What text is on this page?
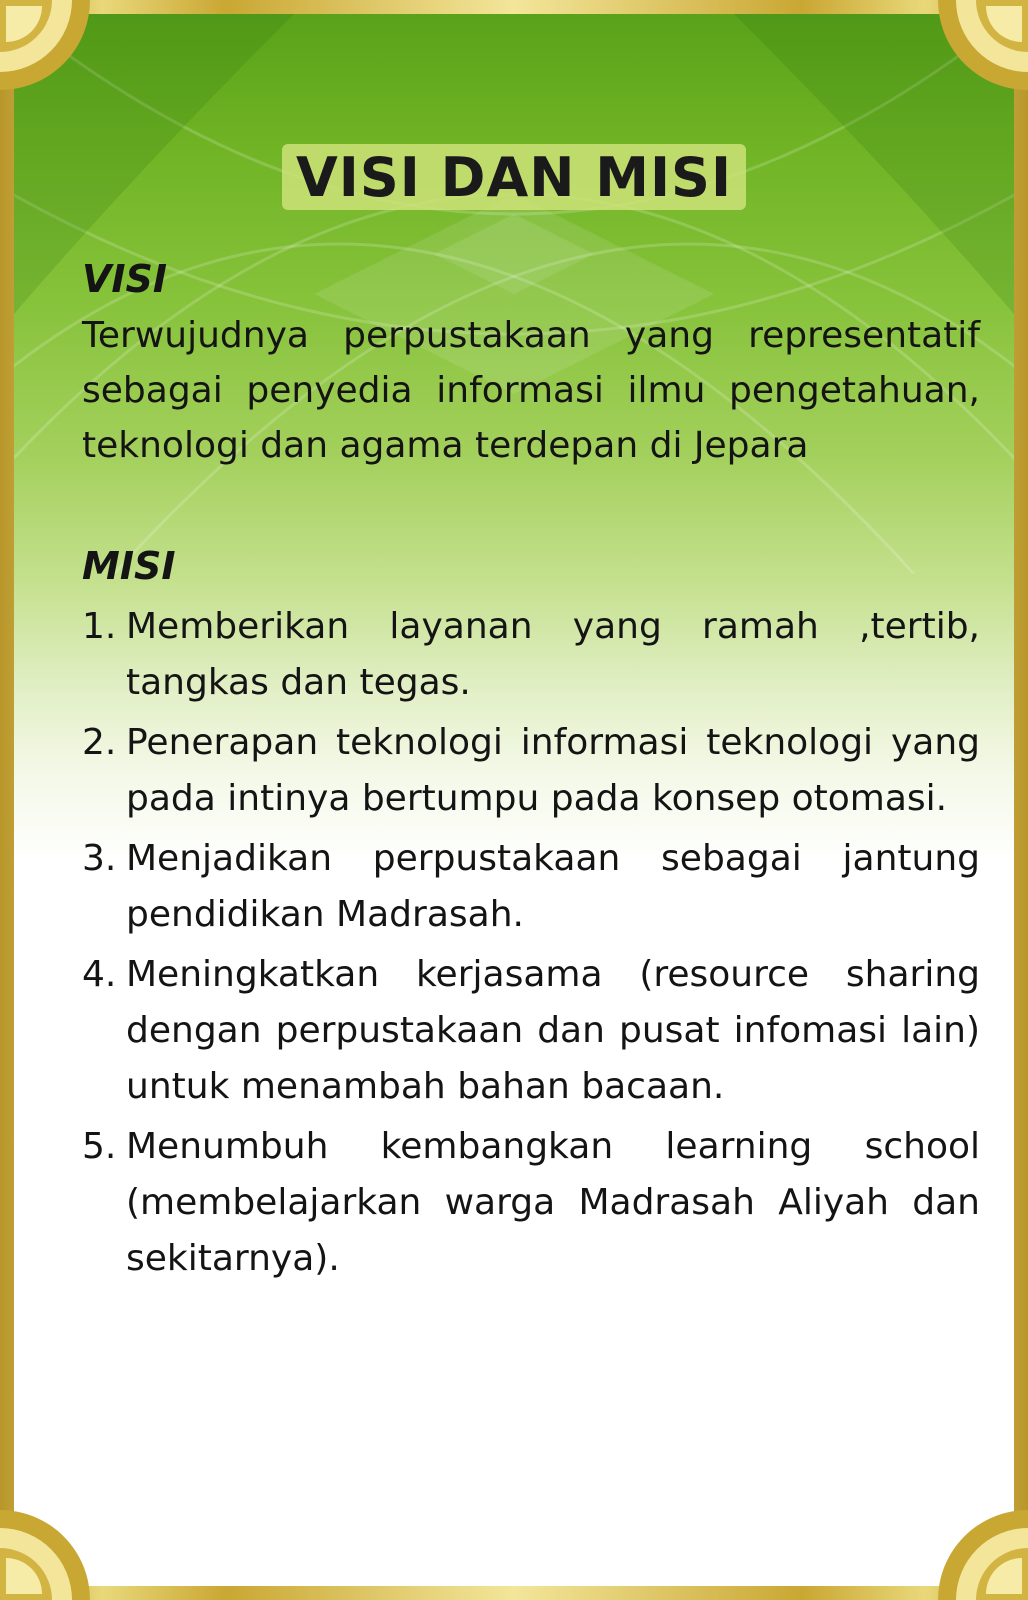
VISI DAN MISI

VISI

Terwujudnya perpustakaan yang representatif sebagai penyedia informasi ilmu pengetahuan, teknologi dan agama terdepan di Jepara

MISI

1. Memberikan layanan yang ramah ,tertib, tangkas dan tegas.
2. Penerapan teknologi informasi teknologi yang pada intinya bertumpu pada konsep otomasi.
3. Menjadikan perpustakaan sebagai jantung pendidikan Madrasah.
4. Meningkatkan kerjasama (resource sharing dengan perpustakaan dan pusat infomasi lain) untuk menambah bahan bacaan.
5. Menumbuh kembangkan learning school (membelajarkan warga Madrasah Aliyah dan sekitarnya).
